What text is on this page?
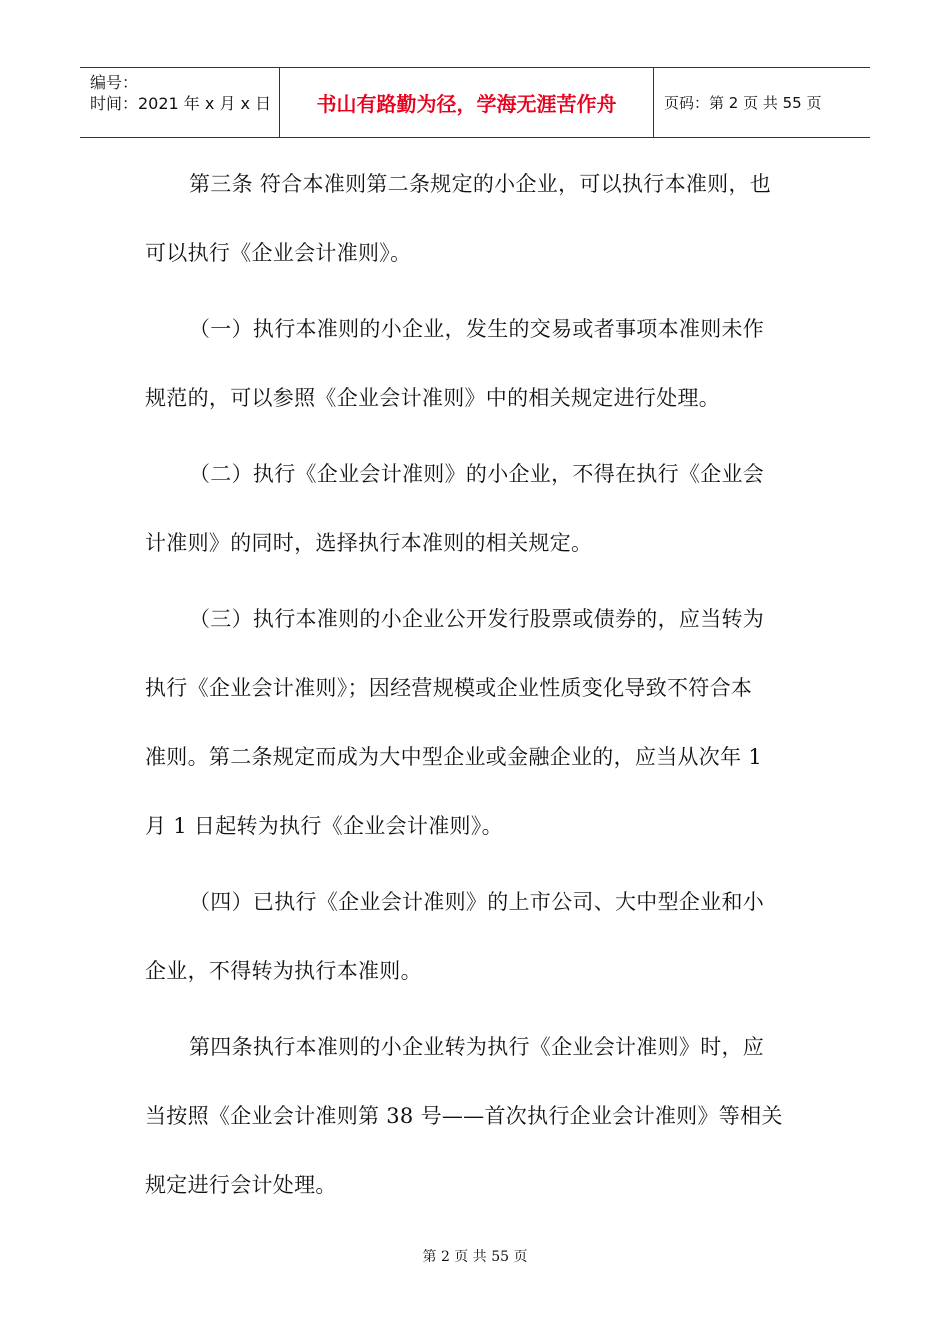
编号：
时间：2021 年 x 月 x 日	书山有路勤为径，学海无涯苦作舟	页码：第 2 页 共 55 页

第三条 符合本准则第二条规定的小企业，可以执行本准则，也

可以执行《企业会计准则》。

（一）执行本准则的小企业，发生的交易或者事项本准则未作

规范的，可以参照《企业会计准则》中的相关规定进行处理。

（二）执行《企业会计准则》的小企业，不得在执行《企业会

计准则》的同时，选择执行本准则的相关规定。

（三）执行本准则的小企业公开发行股票或债券的，应当转为

执行《企业会计准则》；因经营规模或企业性质变化导致不符合本

准则。第二条规定而成为大中型企业或金融企业的，应当从次年 1

月 1 日起转为执行《企业会计准则》。

（四）已执行《企业会计准则》的上市公司、大中型企业和小

企业，不得转为执行本准则。

第四条执行本准则的小企业转为执行《企业会计准则》时，应

当按照《企业会计准则第 38 号——首次执行企业会计准则》等相关

规定进行会计处理。

第 2 页 共 55 页
